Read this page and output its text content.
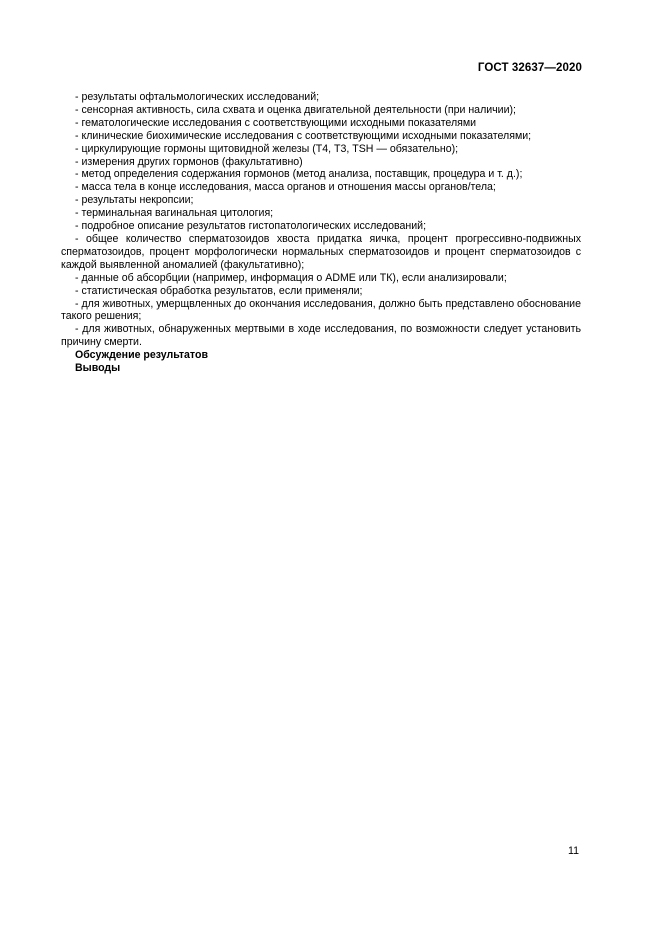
ГОСТ 32637—2020

- результаты офтальмологических исследований;

- сенсорная активность, сила схвата и оценка двигательной деятельности (при наличии);

- гематологические исследования с соответствующими исходными показателями

- клинические биохимические исследования с соответствующими исходными показателями;

- циркулирующие гормоны щитовидной железы (Т4, Т3, TSH — обязательно);

- измерения других гормонов (факультативно)

- метод определения содержания гормонов (метод анализа, поставщик, процедура и т. д.);

- масса тела в конце исследования, масса органов и отношения массы органов/тела;

- результаты некропсии;

- терминальная вагинальная цитология;

- подробное описание результатов гистопатологических исследований;

- общее количество сперматозоидов хвоста придатка яичка, процент прогрессивно-подвижных сперматозоидов, процент морфологически нормальных сперматозоидов и процент сперматозоидов с каждой выявленной аномалией (факультативно);

- данные об абсорбции (например, информация о ADME или ТК), если анализировали;

- статистическая обработка результатов, если применяли;

- для животных, умерщвленных до окончания исследования, должно быть представлено обоснование такого решения;

- для животных, обнаруженных мертвыми в ходе исследования, по возможности следует установить причину смерти.

Обсуждение результатов

Выводы

11
